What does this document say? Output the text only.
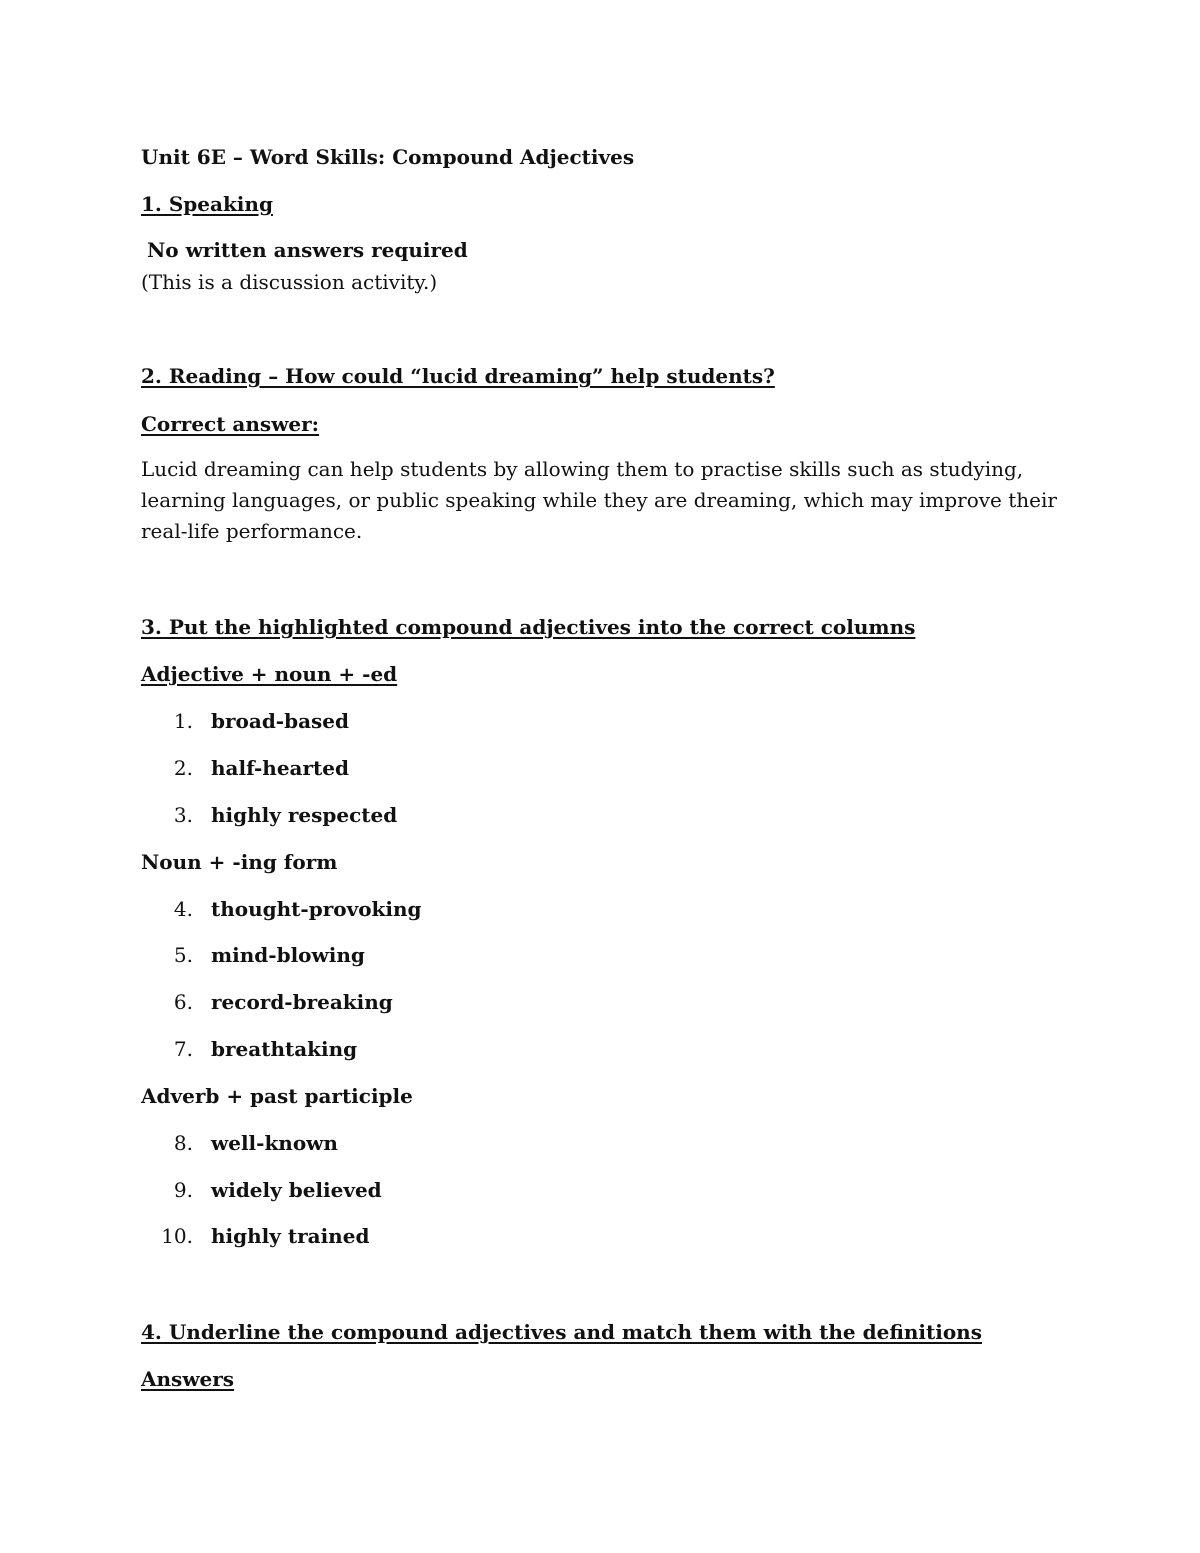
Unit 6E – Word Skills: Compound Adjectives
1. Speaking
No written answers required
(This is a discussion activity.)
2. Reading – How could “lucid dreaming” help students?
Correct answer:
Lucid dreaming can help students by allowing them to practise skills such as studying, learning languages, or public speaking while they are dreaming, which may improve their real-life performance.
3. Put the highlighted compound adjectives into the correct columns
Adjective + noun + -ed
1. broad-based
2. half-hearted
3. highly respected
Noun + -ing form
4. thought-provoking
5. mind-blowing
6. record-breaking
7. breathtaking
Adverb + past participle
8. well-known
9. widely believed
10. highly trained
4. Underline the compound adjectives and match them with the definitions
Answers
